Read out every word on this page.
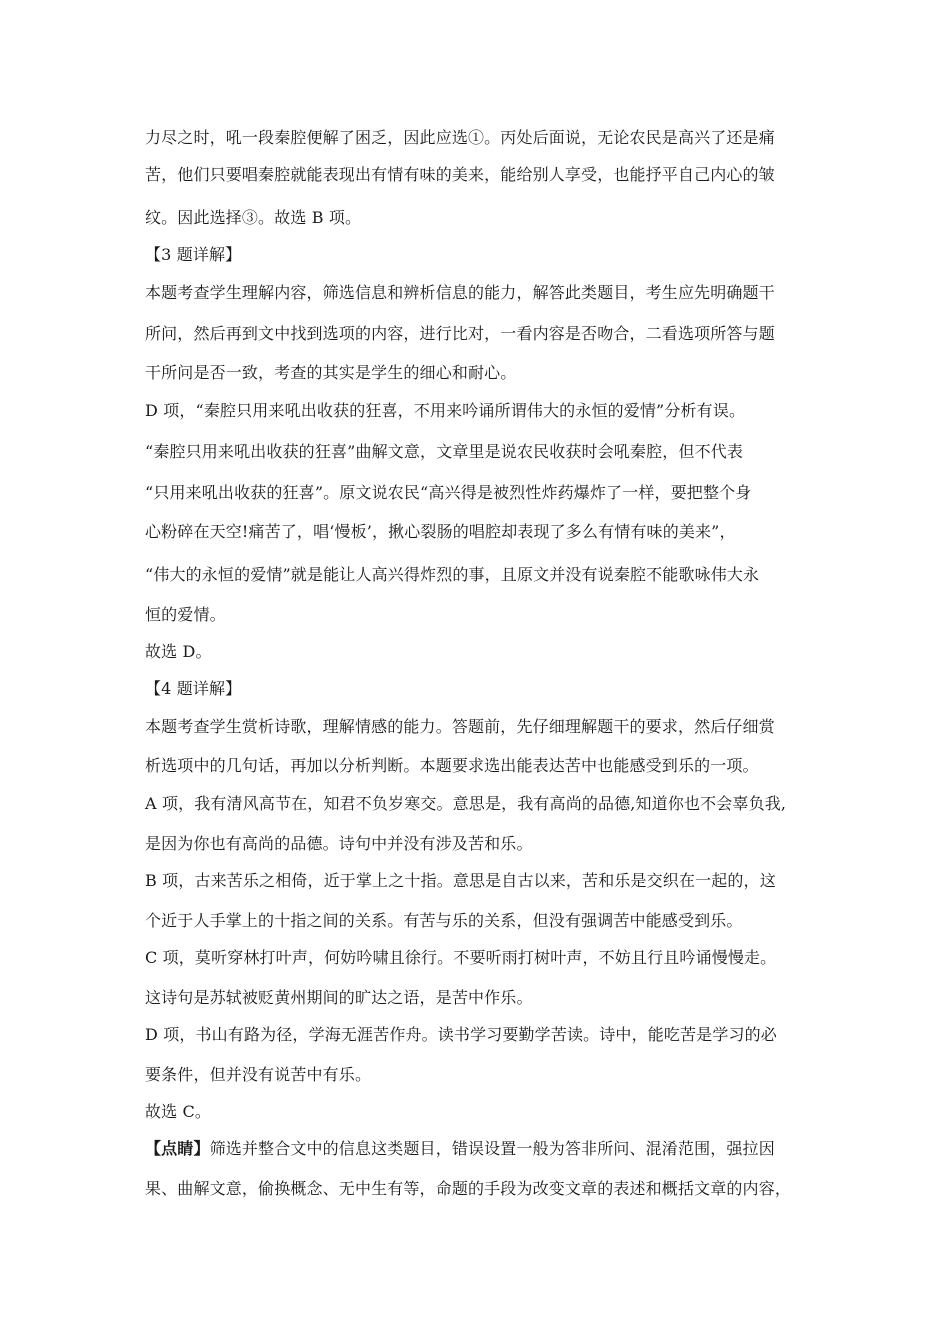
力尽之时，吼一段秦腔便解了困乏，因此应选①。丙处后面说，无论农民是高兴了还是痛
苦，他们只要唱秦腔就能表现出有情有味的美来，能给别人享受，也能抒平自己内心的皱
纹。因此选择③。故选 B 项。
【3 题详解】
本题考查学生理解内容，筛选信息和辨析信息的能力，解答此类题目，考生应先明确题干
所问，然后再到文中找到选项的内容，进行比对，一看内容是否吻合，二看选项所答与题
干所问是否一致，考查的其实是学生的细心和耐心。
D 项，“秦腔只用来吼出收获的狂喜，不用来吟诵所谓伟大的永恒的爱情”分析有误。
“秦腔只用来吼出收获的狂喜”曲解文意，文章里是说农民收获时会吼秦腔，但不代表
“只用来吼出收获的狂喜”。原文说农民“高兴得是被烈性炸药爆炸了一样，要把整个身
心粉碎在天空!痛苦了，唱‘慢板’，揪心裂肠的唱腔却表现了多么有情有味的美来”，
“伟大的永恒的爱情”就是能让人高兴得炸烈的事，且原文并没有说秦腔不能歌咏伟大永
恒的爱情。
故选 D。
【4 题详解】
本题考查学生赏析诗歌，理解情感的能力。答题前，先仔细理解题干的要求，然后仔细赏
析选项中的几句话，再加以分析判断。本题要求选出能表达苦中也能感受到乐的一项。
A 项，我有清风高节在，知君不负岁寒交。意思是，我有高尚的品德,知道你也不会辜负我,
是因为你也有高尚的品德。诗句中并没有涉及苦和乐。
B 项，古来苦乐之相倚，近于掌上之十指。意思是自古以来，苦和乐是交织在一起的，这
个近于人手掌上的十指之间的关系。有苦与乐的关系，但没有强调苦中能感受到乐。
C 项，莫听穿林打叶声，何妨吟啸且徐行。不要听雨打树叶声，不妨且行且吟诵慢慢走。
这诗句是苏轼被贬黄州期间的旷达之语，是苦中作乐。
D 项，书山有路为径，学海无涯苦作舟。读书学习要勤学苦读。诗中，能吃苦是学习的必
要条件，但并没有说苦中有乐。
故选 C。
【点睛】筛选并整合文中的信息这类题目，错误设置一般为答非所问、混淆范围，强拉因
果、曲解文意，偷换概念、无中生有等，命题的手段为改变文章的表述和概括文章的内容，
